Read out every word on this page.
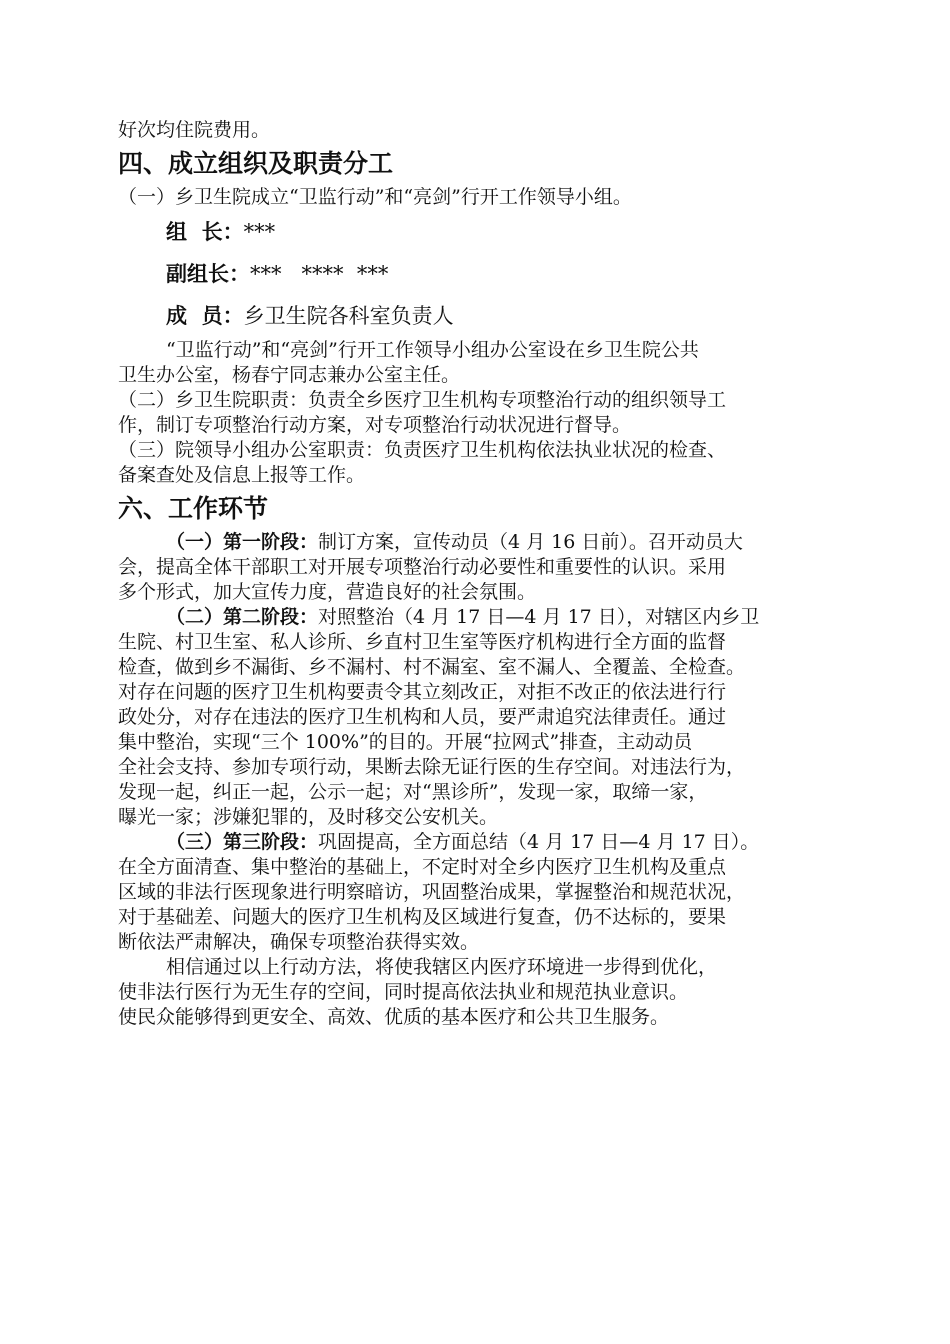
好次均住院费用。

四、成立组织及职责分工

（一）乡卫生院成立“卫监行动”和“亮剑”行开工作领导小组。

组  长：***
副组长：***   ****  ***
成  员：乡卫生院各科室负责人

“卫监行动”和“亮剑”行开工作领导小组办公室设在乡卫生院公共

卫生办公室，杨春宁同志兼办公室主任。

（二）乡卫生院职责：负责全乡医疗卫生机构专项整治行动的组织领导工

作，制订专项整治行动方案，对专项整治行动状况进行督导。

（三）院领导小组办公室职责：负责医疗卫生机构依法执业状况的检查、

备案查处及信息上报等工作。

六、工作环节

（一）第一阶段：制订方案，宣传动员（4 月 16 日前）。召开动员大

会，提高全体干部职工对开展专项整治行动必要性和重要性的认识。采用

多个形式，加大宣传力度，营造良好的社会氛围。

（二）第二阶段：对照整治（4 月 17 日—4 月 17 日），对辖区内乡卫

生院、村卫生室、私人诊所、乡直村卫生室等医疗机构进行全方面的监督

检查，做到乡不漏街、乡不漏村、村不漏室、室不漏人、全覆盖、全检查。

对存在问题的医疗卫生机构要责令其立刻改正，对拒不改正的依法进行行

政处分，对存在违法的医疗卫生机构和人员，要严肃追究法律责任。通过

集中整治，实现“三个 100%”的目的。开展“拉网式”排查，主动动员

全社会支持、参加专项行动，果断去除无证行医的生存空间。对违法行为，

发现一起，纠正一起，公示一起；对“黑诊所”，发现一家，取缔一家，

曝光一家；涉嫌犯罪的，及时移交公安机关。

（三）第三阶段：巩固提高，全方面总结（4 月 17 日—4 月 17 日）。

在全方面清查、集中整治的基础上，不定时对全乡内医疗卫生机构及重点

区域的非法行医现象进行明察暗访，巩固整治成果，掌握整治和规范状况，

对于基础差、问题大的医疗卫生机构及区域进行复查，仍不达标的，要果

断依法严肃解决，确保专项整治获得实效。

相信通过以上行动方法，将使我辖区内医疗环境进一步得到优化，

使非法行医行为无生存的空间，同时提高依法执业和规范执业意识。

使民众能够得到更安全、高效、优质的基本医疗和公共卫生服务。
